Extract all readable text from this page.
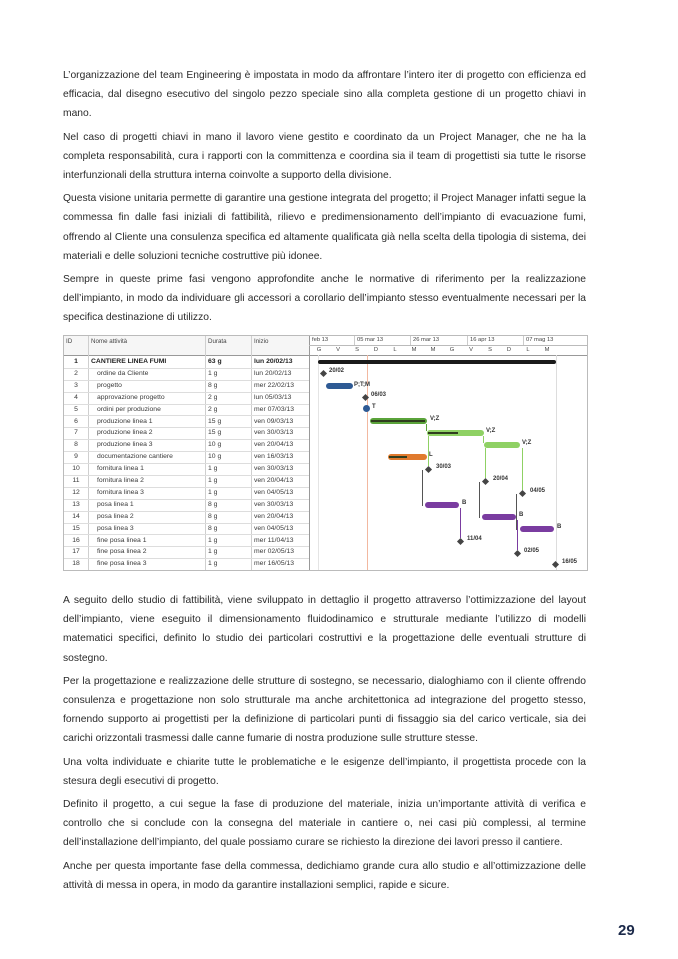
L’organizzazione del team Engineering è impostata in modo da affrontare l’intero iter di progetto con efficienza ed efficacia, dal disegno esecutivo del singolo pezzo speciale sino alla completa gestione di un progetto chiavi in mano.

Nel caso di progetti chiavi in mano il lavoro viene gestito e coordinato da un Project Manager, che ne ha la completa responsabilità, cura i rapporti con la committenza e coordina sia il team di progettisti sia tutte le risorse interfunzionali della struttura interna coinvolte a supporto della divisione.

Questa visione unitaria permette di garantire una gestione integrata del progetto; il Project Manager infatti segue la commessa fin dalle fasi iniziali di fattibilità, rilievo e predimensionamento dell’impianto di evacuazione fumi, offrendo al Cliente una consulenza specifica ed altamente qualificata già nella scelta della tipologia di sistema, dei materiali e delle soluzioni tecniche costruttive più idonee.

Sempre in queste prime fasi vengono approfondite anche le normative di riferimento per la realizzazione dell’impianto, in modo da individuare gli accessori a corollario dell’impianto stesso eventualmente necessari per la specifica destinazione di utilizzo.

ID	Nome attività	Durata	Inizio
1	CANTIERE LINEA FUMI	63 g	lun 20/02/13
2	ordine da Cliente	1 g	lun 20/02/13
3	progetto	8 g	mer 22/02/13
4	approvazione progetto	2 g	lun 05/03/13
5	ordini per produzione	2 g	mer 07/03/13
6	produzione linea 1	15 g	ven 09/03/13
7	produzione linea 2	15 g	ven 30/03/13
8	produzione linea 3	10 g	ven 20/04/13
9	documentazione cantiere	10 g	ven 16/03/13
10	fornitura linea 1	1 g	ven 30/03/13
11	fornitura linea 2	1 g	ven 20/04/13
12	fornitura linea 3	1 g	ven 04/05/13
13	posa linea 1	8 g	ven 30/03/13
14	posa linea 2	8 g	ven 20/04/13
15	posa linea 3	8 g	ven 04/05/13
16	fine posa linea 1	1 g	mer 11/04/13
17	fine posa linea 2	1 g	mer 02/05/13
18	fine posa linea 3	1 g	mer 16/05/13
feb 13	05 mar 13	26 mar 13	16 apr 13	07 mag 13
G	V	S	D	L	M	M	G	V	S	D	L	M
20/02
P;T;M
06/03
T
V;Z
V;Z
V;Z
L
30/03
20/04
04/05
B
B
B
11/04
02/05
16/05

A seguito dello studio di fattibilità, viene sviluppato in dettaglio il progetto attraverso l’ottimizzazione del layout dell’impianto, viene eseguito il dimensionamento fluidodinamico e strutturale mediante l’utilizzo di modelli matematici specifici, definito lo studio dei particolari costruttivi e la progettazione delle eventuali strutture di sostegno.

Per la progettazione e realizzazione delle strutture di sostegno, se necessario, dialoghiamo con il cliente offrendo consulenza e progettazione non solo strutturale ma anche architettonica ad integrazione del progetto stesso, fornendo supporto ai progettisti per la definizione di particolari punti di fissaggio sia del carico verticale, sia dei carichi orizzontali trasmessi dalle canne fumarie di nostra produzione sulle strutture stesse.

Una volta individuate e chiarite tutte le problematiche e le esigenze dell’impianto, il progettista procede con la stesura degli esecutivi di progetto.

Definito il progetto, a cui segue la fase di produzione del materiale, inizia un’importante attività di verifica e controllo che si conclude con la consegna del materiale in cantiere o, nei casi più complessi, al termine dell’installazione dell’impianto, del quale possiamo curare se richiesto la direzione dei lavori presso il cantiere.

Anche per questa importante fase della commessa, dedichiamo grande cura allo studio e all’ottimizzazione delle attività di messa in opera, in modo da garantire installazioni semplici, rapide e sicure.

29
